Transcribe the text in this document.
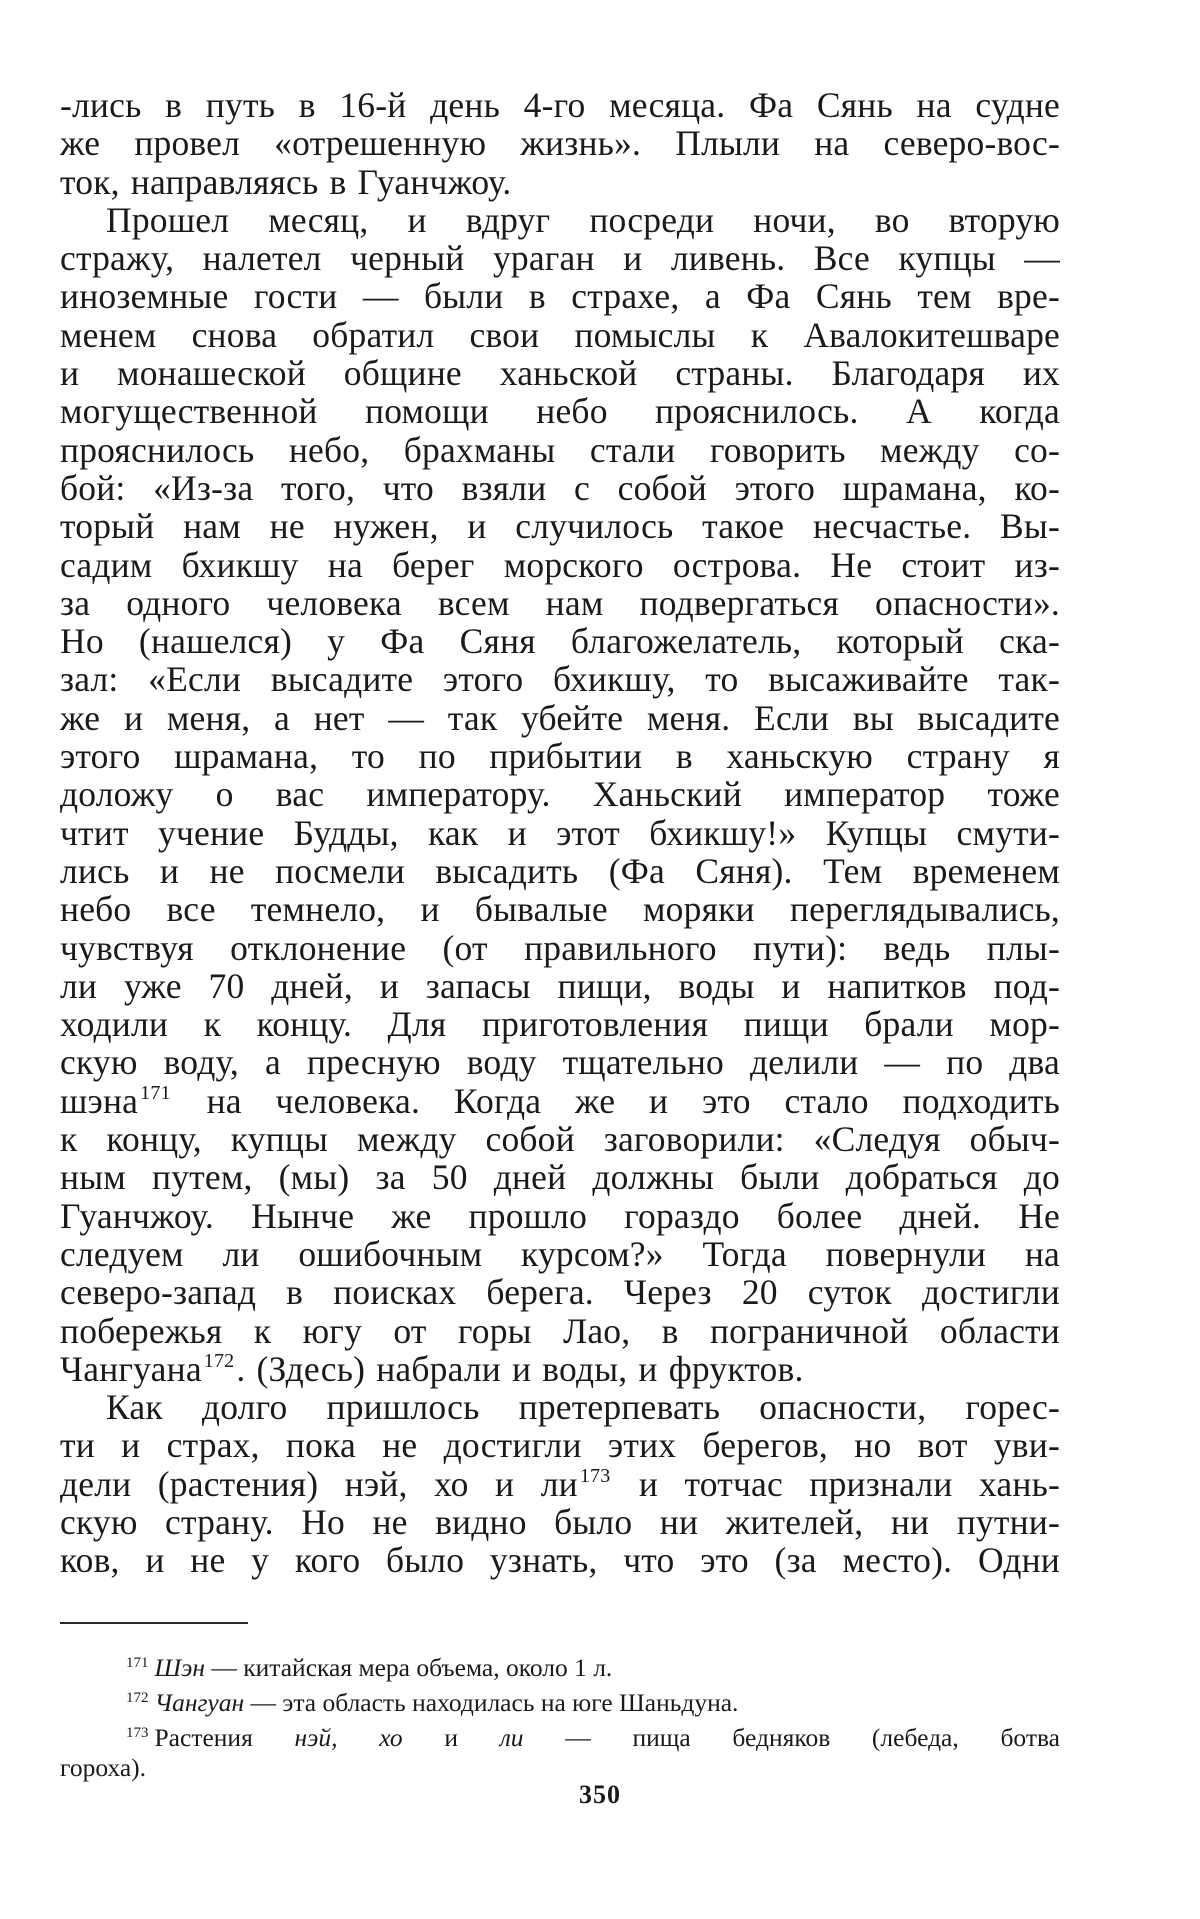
-лись в путь в 16-й день 4-го месяца. Фа Сянь на судне
же провел «отрешенную жизнь». Плыли на северо-вос-
ток, направляясь в Гуанчжоу.
Прошел месяц, и вдруг посреди ночи, во вторую
стражу, налетел черный ураган и ливень. Все купцы —
иноземные гости — были в страхе, а Фа Сянь тем вре-
менем снова обратил свои помыслы к Авалокитешваре
и монашеской общине ханьской страны. Благодаря их
могущественной помощи небо прояснилось. А когда
прояснилось небо, брахманы стали говорить между со-
бой: «Из-за того, что взяли с собой этого шрамана, ко-
торый нам не нужен, и случилось такое несчастье. Вы-
садим бхикшу на берег морского острова. Не стоит из-
за одного человека всем нам подвергаться опасности».
Но (нашелся) у Фа Сяня благожелатель, который ска-
зал: «Если высадите этого бхикшу, то высаживайте так-
же и меня, а нет — так убейте меня. Если вы высадите
этого шрамана, то по прибытии в ханьскую страну я
доложу о вас императору. Ханьский император тоже
чтит учение Будды, как и этот бхикшу!» Купцы смути-
лись и не посмели высадить (Фа Сяня). Тем временем
небо все темнело, и бывалые моряки переглядывались,
чувствуя отклонение (от правильного пути): ведь плы-
ли уже 70 дней, и запасы пищи, воды и напитков под-
ходили к концу. Для приготовления пищи брали мор-
скую воду, а пресную воду тщательно делили — по два
шэна $^{171}$ на человека. Когда же и это стало подходить
к концу, купцы между собой заговорили: «Следуя обыч-
ным путем, (мы) за 50 дней должны были добраться до
Гуанчжоу. Нынче же прошло гораздо более дней. Не
следуем ли ошибочным курсом?» Тогда повернули на
северо-запад в поисках берега. Через 20 суток достигли
побережья к югу от горы Лао, в пограничной области
Чангуана $^{172}$. (Здесь) набрали и воды, и фруктов.
Как долго пришлось претерпевать опасности, горес-
ти и страх, пока не достигли этих берегов, но вот уви-
дели (растения) нэй, хо и ли $^{173}$ и тотчас признали хань-
скую страну. Но не видно было ни жителей, ни путни-
ков, и не у кого было узнать, что это (за место). Одни
$^{171}$ Шэн — китайская мера объема, около 1 л.
$^{172}$ Чангуан — эта область находилась на юге Шаньдуна.
$^{173}$ Растения нэй, хо и ли — пища бедняков (лебеда, ботва
гороха).
350
